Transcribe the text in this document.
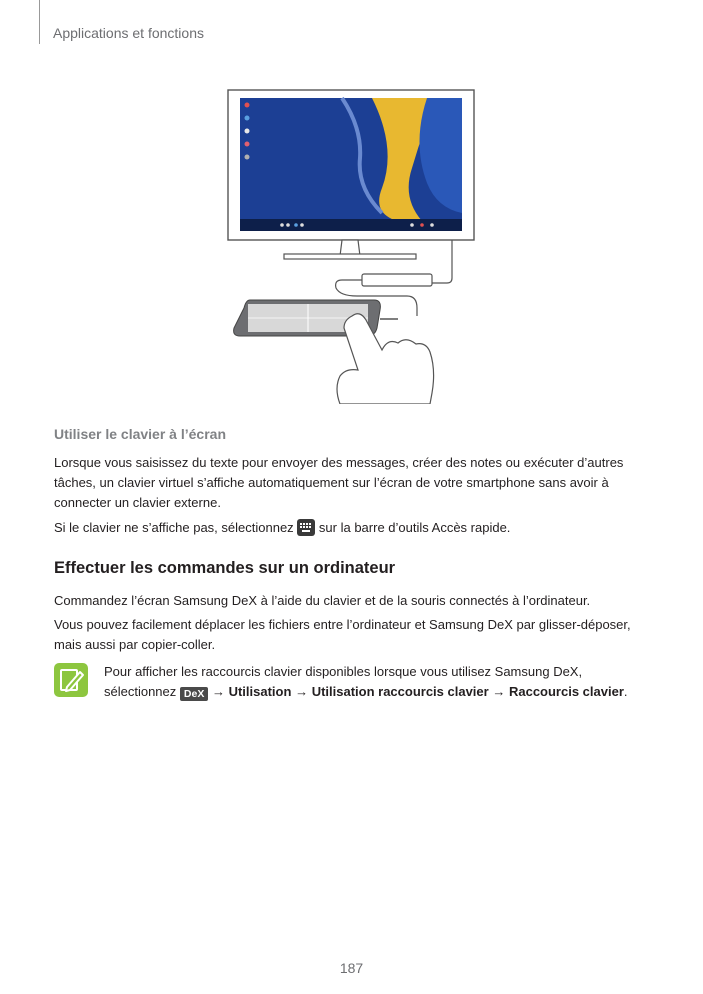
Applications et fonctions
Utiliser le clavier à l’écran
Lorsque vous saisissez du texte pour envoyer des messages, créer des notes ou exécuter d’autres tâches, un clavier virtuel s’affiche automatiquement sur l’écran de votre smartphone sans avoir à connecter un clavier externe.
Si le clavier ne s’affiche pas, sélectionnez sur la barre d’outils Accès rapide.
Effectuer les commandes sur un ordinateur
Commandez l’écran Samsung DeX à l’aide du clavier et de la souris connectés à l’ordinateur.
Vous pouvez facilement déplacer les fichiers entre l’ordinateur et Samsung DeX par glisser-déposer, mais aussi par copier-coller.
Pour afficher les raccourcis clavier disponibles lorsque vous utilisez Samsung DeX,
sélectionnez DeX → Utilisation → Utilisation raccourcis clavier → Raccourcis clavier.
187
